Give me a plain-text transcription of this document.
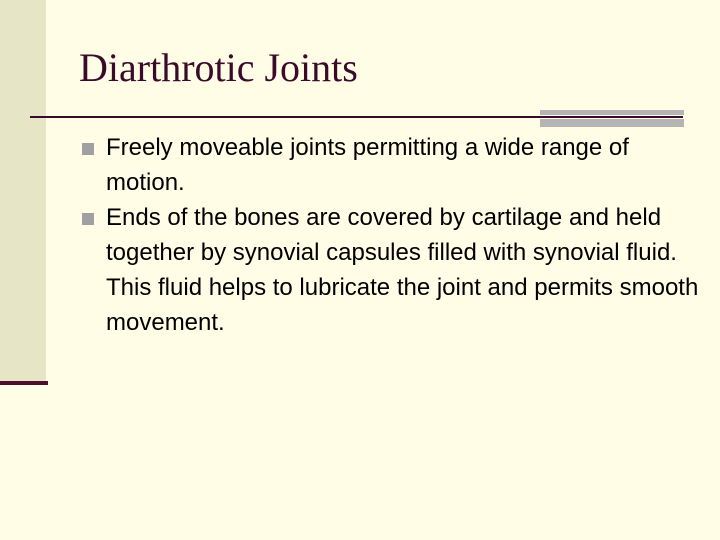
Diarthrotic Joints
Freely moveable joints permitting a wide range of motion.
Ends of the bones are covered by cartilage and held together by synovial capsules filled with synovial fluid. This fluid helps to lubricate the joint and permits smooth movement.
